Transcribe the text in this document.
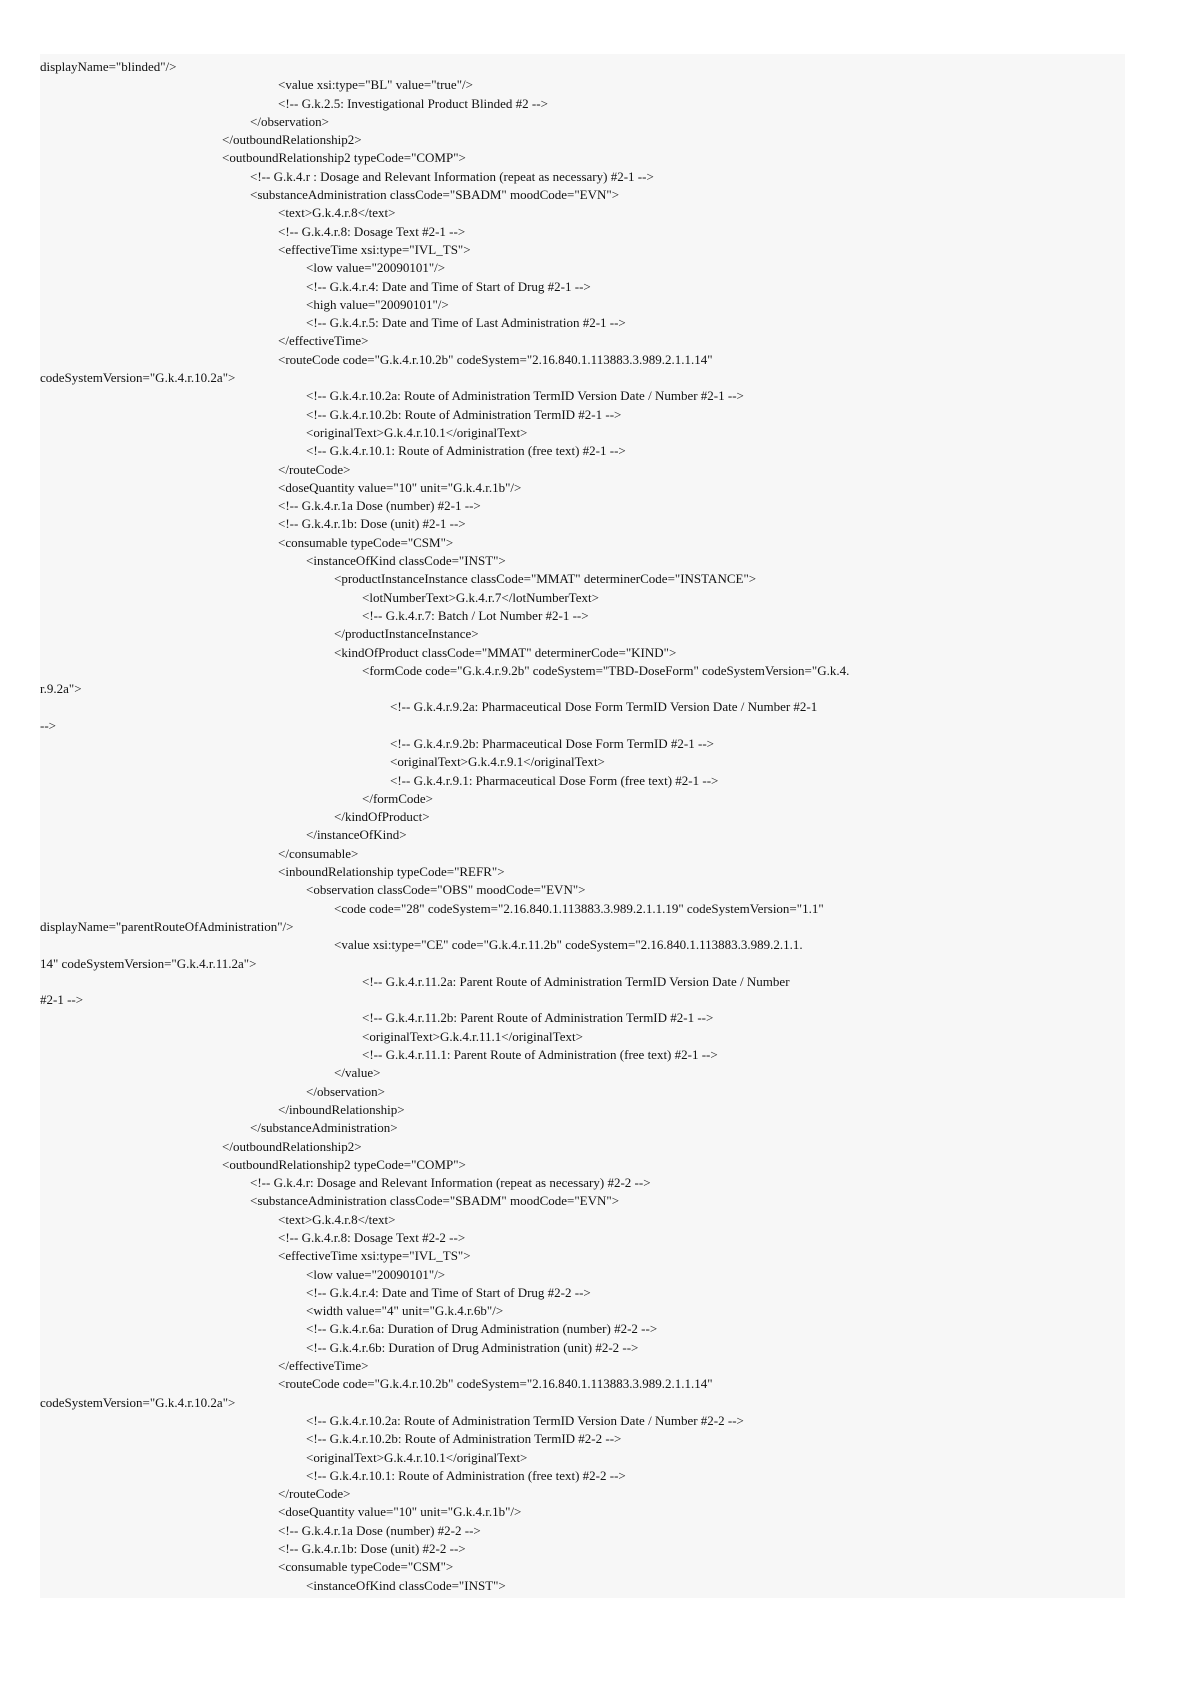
displayName="blinded"/>
<value xsi:type="BL" value="true"/>
<!-- G.k.2.5: Investigational Product Blinded #2 -->
</observation>
</outboundRelationship2>
<outboundRelationship2 typeCode="COMP">
<!-- G.k.4.r : Dosage and Relevant Information (repeat as necessary) #2-1 -->
<substanceAdministration classCode="SBADM" moodCode="EVN">
<text>G.k.4.r.8</text>
<!-- G.k.4.r.8: Dosage Text #2-1 -->
<effectiveTime xsi:type="IVL_TS">
<low value="20090101"/>
<!-- G.k.4.r.4: Date and Time of Start of Drug #2-1 -->
<high value="20090101"/>
<!-- G.k.4.r.5: Date and Time of Last Administration #2-1 -->
</effectiveTime>
<routeCode code="G.k.4.r.10.2b" codeSystem="2.16.840.1.113883.3.989.2.1.1.14"
codeSystemVersion="G.k.4.r.10.2a">
<!-- G.k.4.r.10.2a: Route of Administration TermID Version Date / Number #2-1 -->
<!-- G.k.4.r.10.2b: Route of Administration TermID #2-1 -->
<originalText>G.k.4.r.10.1</originalText>
<!-- G.k.4.r.10.1: Route of Administration (free text) #2-1 -->
</routeCode>
<doseQuantity value="10" unit="G.k.4.r.1b"/>
<!-- G.k.4.r.1a Dose (number) #2-1 -->
<!-- G.k.4.r.1b: Dose (unit) #2-1 -->
<consumable typeCode="CSM">
<instanceOfKind classCode="INST">
<productInstanceInstance classCode="MMAT" determinerCode="INSTANCE">
<lotNumberText>G.k.4.r.7</lotNumberText>
<!-- G.k.4.r.7: Batch / Lot Number #2-1 -->
</productInstanceInstance>
<kindOfProduct classCode="MMAT" determinerCode="KIND">
<formCode code="G.k.4.r.9.2b" codeSystem="TBD-DoseForm" codeSystemVersion="G.k.4.
r.9.2a">
<!-- G.k.4.r.9.2a: Pharmaceutical Dose Form TermID Version Date / Number #2-1
-->
<!-- G.k.4.r.9.2b: Pharmaceutical Dose Form TermID #2-1 -->
<originalText>G.k.4.r.9.1</originalText>
<!-- G.k.4.r.9.1: Pharmaceutical Dose Form (free text) #2-1 -->
</formCode>
</kindOfProduct>
</instanceOfKind>
</consumable>
<inboundRelationship typeCode="REFR">
<observation classCode="OBS" moodCode="EVN">
<code code="28" codeSystem="2.16.840.1.113883.3.989.2.1.1.19" codeSystemVersion="1.1"
displayName="parentRouteOfAdministration"/>
<value xsi:type="CE" code="G.k.4.r.11.2b" codeSystem="2.16.840.1.113883.3.989.2.1.1.
14" codeSystemVersion="G.k.4.r.11.2a">
<!-- G.k.4.r.11.2a: Parent Route of Administration TermID Version Date / Number
#2-1 -->
<!-- G.k.4.r.11.2b: Parent Route of Administration TermID #2-1 -->
<originalText>G.k.4.r.11.1</originalText>
<!-- G.k.4.r.11.1: Parent Route of Administration (free text) #2-1 -->
</value>
</observation>
</inboundRelationship>
</substanceAdministration>
</outboundRelationship2>
<outboundRelationship2 typeCode="COMP">
<!-- G.k.4.r: Dosage and Relevant Information (repeat as necessary) #2-2 -->
<substanceAdministration classCode="SBADM" moodCode="EVN">
<text>G.k.4.r.8</text>
<!-- G.k.4.r.8: Dosage Text #2-2 -->
<effectiveTime xsi:type="IVL_TS">
<low value="20090101"/>
<!-- G.k.4.r.4: Date and Time of Start of Drug #2-2 -->
<width value="4" unit="G.k.4.r.6b"/>
<!-- G.k.4.r.6a: Duration of Drug Administration (number) #2-2 -->
<!-- G.k.4.r.6b: Duration of Drug Administration (unit) #2-2 -->
</effectiveTime>
<routeCode code="G.k.4.r.10.2b" codeSystem="2.16.840.1.113883.3.989.2.1.1.14"
codeSystemVersion="G.k.4.r.10.2a">
<!-- G.k.4.r.10.2a: Route of Administration TermID Version Date / Number #2-2 -->
<!-- G.k.4.r.10.2b: Route of Administration TermID #2-2 -->
<originalText>G.k.4.r.10.1</originalText>
<!-- G.k.4.r.10.1: Route of Administration (free text) #2-2 -->
</routeCode>
<doseQuantity value="10" unit="G.k.4.r.1b"/>
<!-- G.k.4.r.1a Dose (number) #2-2 -->
<!-- G.k.4.r.1b: Dose (unit) #2-2 -->
<consumable typeCode="CSM">
<instanceOfKind classCode="INST">
